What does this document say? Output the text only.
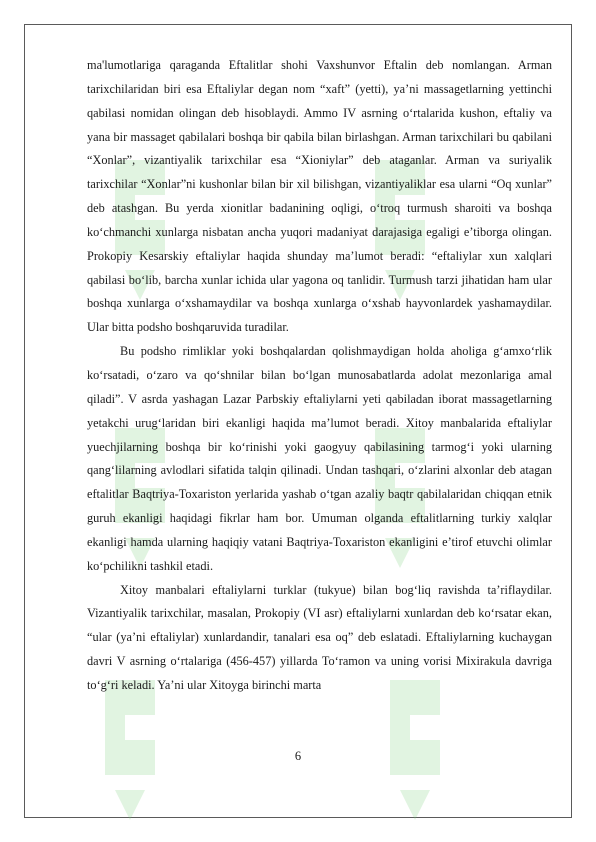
ma'lumotlariga qaraganda Eftalitlar shohi Vaxshunvor Eftalin deb nomlangan. Arman tarixchilaridan biri esa Eftaliylar degan nom “xaft” (yetti), ya’ni massagetlarning yettinchi qabilasi nomidan olingan deb hisoblaydi. Ammo IV asrning oʻrtalarida kushon, eftaliy va yana bir massaget qabilalari boshqa bir qabila bilan birlashgan. Arman tarixchilari bu qabilani “Xonlar”, vizantiyalik tarixchilar esa “Xioniylar” deb ataganlar. Arman va suriyalik tarixchilar “Xonlar”ni kushonlar bilan bir xil bilishgan, vizantiyaliklar esa ularni “Oq xunlar” deb atashgan. Bu yerda xionitlar badanining oqligi, oʻtroq turmush sharoiti va boshqa koʻchmanchi xunlarga nisbatan ancha yuqori madaniyat darajasiga egaligi e’tiborga olingan. Prokopiy Kesarskiy eftaliylar haqida shunday ma’lumot beradi: “eftaliylar xun xalqlari qabilasi boʻlib, barcha xunlar ichida ular yagona oq tanlidir. Turmush tarzi jihatidan ham ular boshqa xunlarga oʻxshamaydilar va boshqa xunlarga oʻxshab hayvonlardek yashamaydilar. Ular bitta podsho boshqaruvida turadilar.

Bu podsho rimliklar yoki boshqalardan qolishmaydigan holda aholiga gʻamxoʻrlik koʻrsatadi, oʻzaro va qoʻshnilar bilan boʻlgan munosabatlarda adolat mezonlariga amal qiladi”. V asrda yashagan Lazar Parbskiy eftaliylarni yeti qabiladan iborat massagetlarning yetakchi urugʻlaridan biri ekanligi haqida ma’lumot beradi. Xitoy manbalarida eftaliylar yuechjilarning boshqa bir koʻrinishi yoki gaogyuy qabilasining tarmogʻi yoki ularning qangʻlilarning avlodlari sifatida talqin qilinadi. Undan tashqari, oʻzlarini alxonlar deb atagan eftalitlar Baqtriya-Toxariston yerlarida yashab oʻtgan azaliy baqtr qabilalaridan chiqqan etnik guruh ekanligi haqidagi fikrlar ham bor. Umuman olganda eftalitlarning turkiy xalqlar ekanligi hamda ularning haqiqiy vatani Baqtriya-Toxariston ekanligini e’tirof etuvchi olimlar koʻpchilikni tashkil etadi.

Xitoy manbalari eftaliylarni turklar (tukyue) bilan bogʻliq ravishda ta’riflaydilar. Vizantiyalik tarixchilar, masalan, Prokopiy (VI asr) eftaliylarni xunlardan deb koʻrsatar ekan, “ular (ya’ni eftaliylar) xunlardandir, tanalari esa oq” deb eslatadi. Eftaliylarning kuchaygan davri V asrning oʻrtalariga (456-457) yillarda Toʻramon va uning vorisi Mixirakula davriga toʻgʻri keladi. Ya’ni ular Xitoyga birinchi marta

6
